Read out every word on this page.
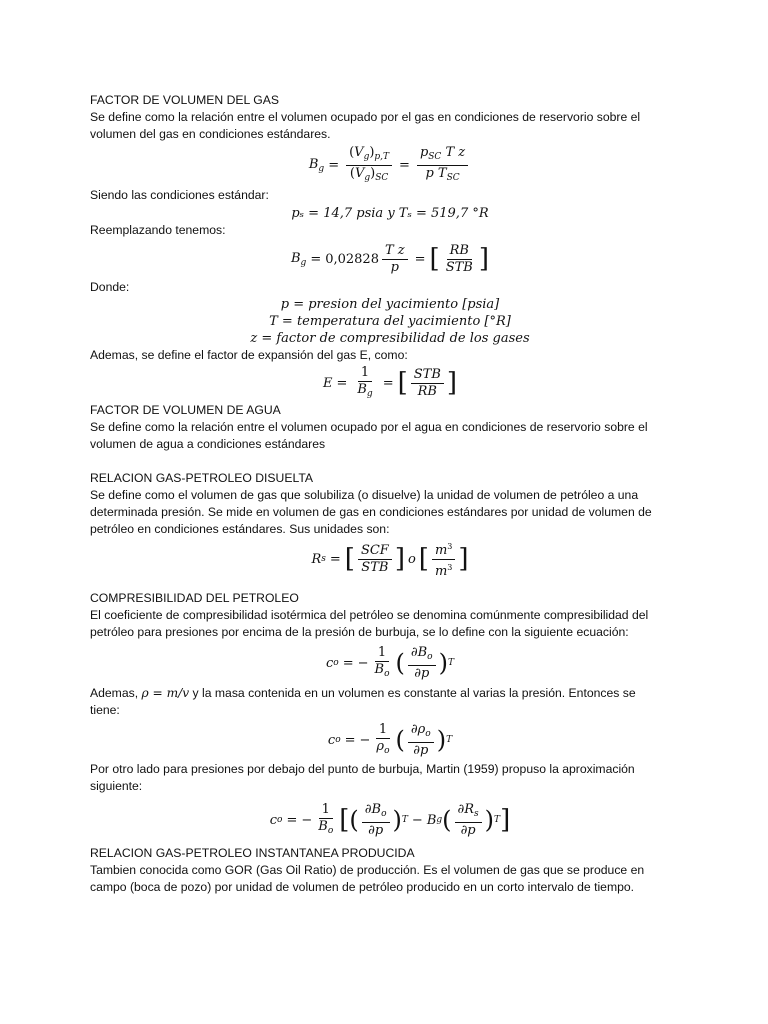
FACTOR DE VOLUMEN DEL GAS
Se define como la relación entre el volumen ocupado por el gas en condiciones de reservorio sobre el
volumen del gas en condiciones estándares.
$B_g = \frac{(V_g)_{p,T}}{(V_g)_{SC}} = \frac{p_{SC} T z}{p T_{SC}}$
Siendo las condiciones estándar:
pₛ = 14,7 psia y Tₛ = 519,7 °R
Reemplazando tenemos:
$B_g = 0,02828 \frac{\text{T z}}{p}$ = [ $\frac{RB}{\text{STB}}$ ]
Donde:
p = presion del yacimiento [psia]
T = temperatura del yacimiento [°R]
z = factor de compresibilidad de los gases
Ademas, se define el factor de expansión del gas E, como:
$E = \frac{1}{B_g}$ = [ $\frac{\text{STB}}{RB}$ ]
FACTOR DE VOLUMEN DE AGUA
Se define como la relación entre el volumen ocupado por el agua en condiciones de reservorio sobre el
volumen de agua a condiciones estándares
RELACION GAS-PETROLEO DISUELTA
Se define como el volumen de gas que solubiliza (o disuelve) la unidad de volumen de petróleo a una
determinada presión. Se mide en volumen de gas en condiciones estándares por unidad de volumen de
petróleo en condiciones estándares. Sus unidades son:
R s = [ $\frac{\text{SCF}}{\text{STB}}$ ] o [ $\frac{m^3}{m^3}$ ]
COMPRESIBILIDAD DEL PETROLEO
El coeficiente de compresibilidad isotérmica del petróleo se denomina comúnmente compresibilidad del
petróleo para presiones por encima de la presión de burbuja, se lo define con la siguiente ecuación:
c o = − $\frac{1}{B_o}$ ( $\frac{\partial B_o}{\partial p}$ ) T
Ademas, ρ = m/v y la masa contenida en un volumen es constante al varias la presión. Entonces se
tiene:
c o = − $\frac{1}{\rho_o}$ ( $\frac{\partial\rho_o}{\partial p}$ ) T
Por otro lado para presiones por debajo del punto de burbuja, Martin (1959) propuso la aproximación
siguiente:
c o = − $\frac{1}{B_o}$ [ ( $\frac{\partial B_o}{\partial p}$ ) T − B g ( $\frac{\partial R_s}{\partial p}$ ) T ]
RELACION GAS-PETROLEO INSTANTANEA PRODUCIDA
Tambien conocida como GOR (Gas Oil Ratio) de producción. Es el volumen de gas que se produce en
campo (boca de pozo) por unidad de volumen de petróleo producido en un corto intervalo de tiempo.
